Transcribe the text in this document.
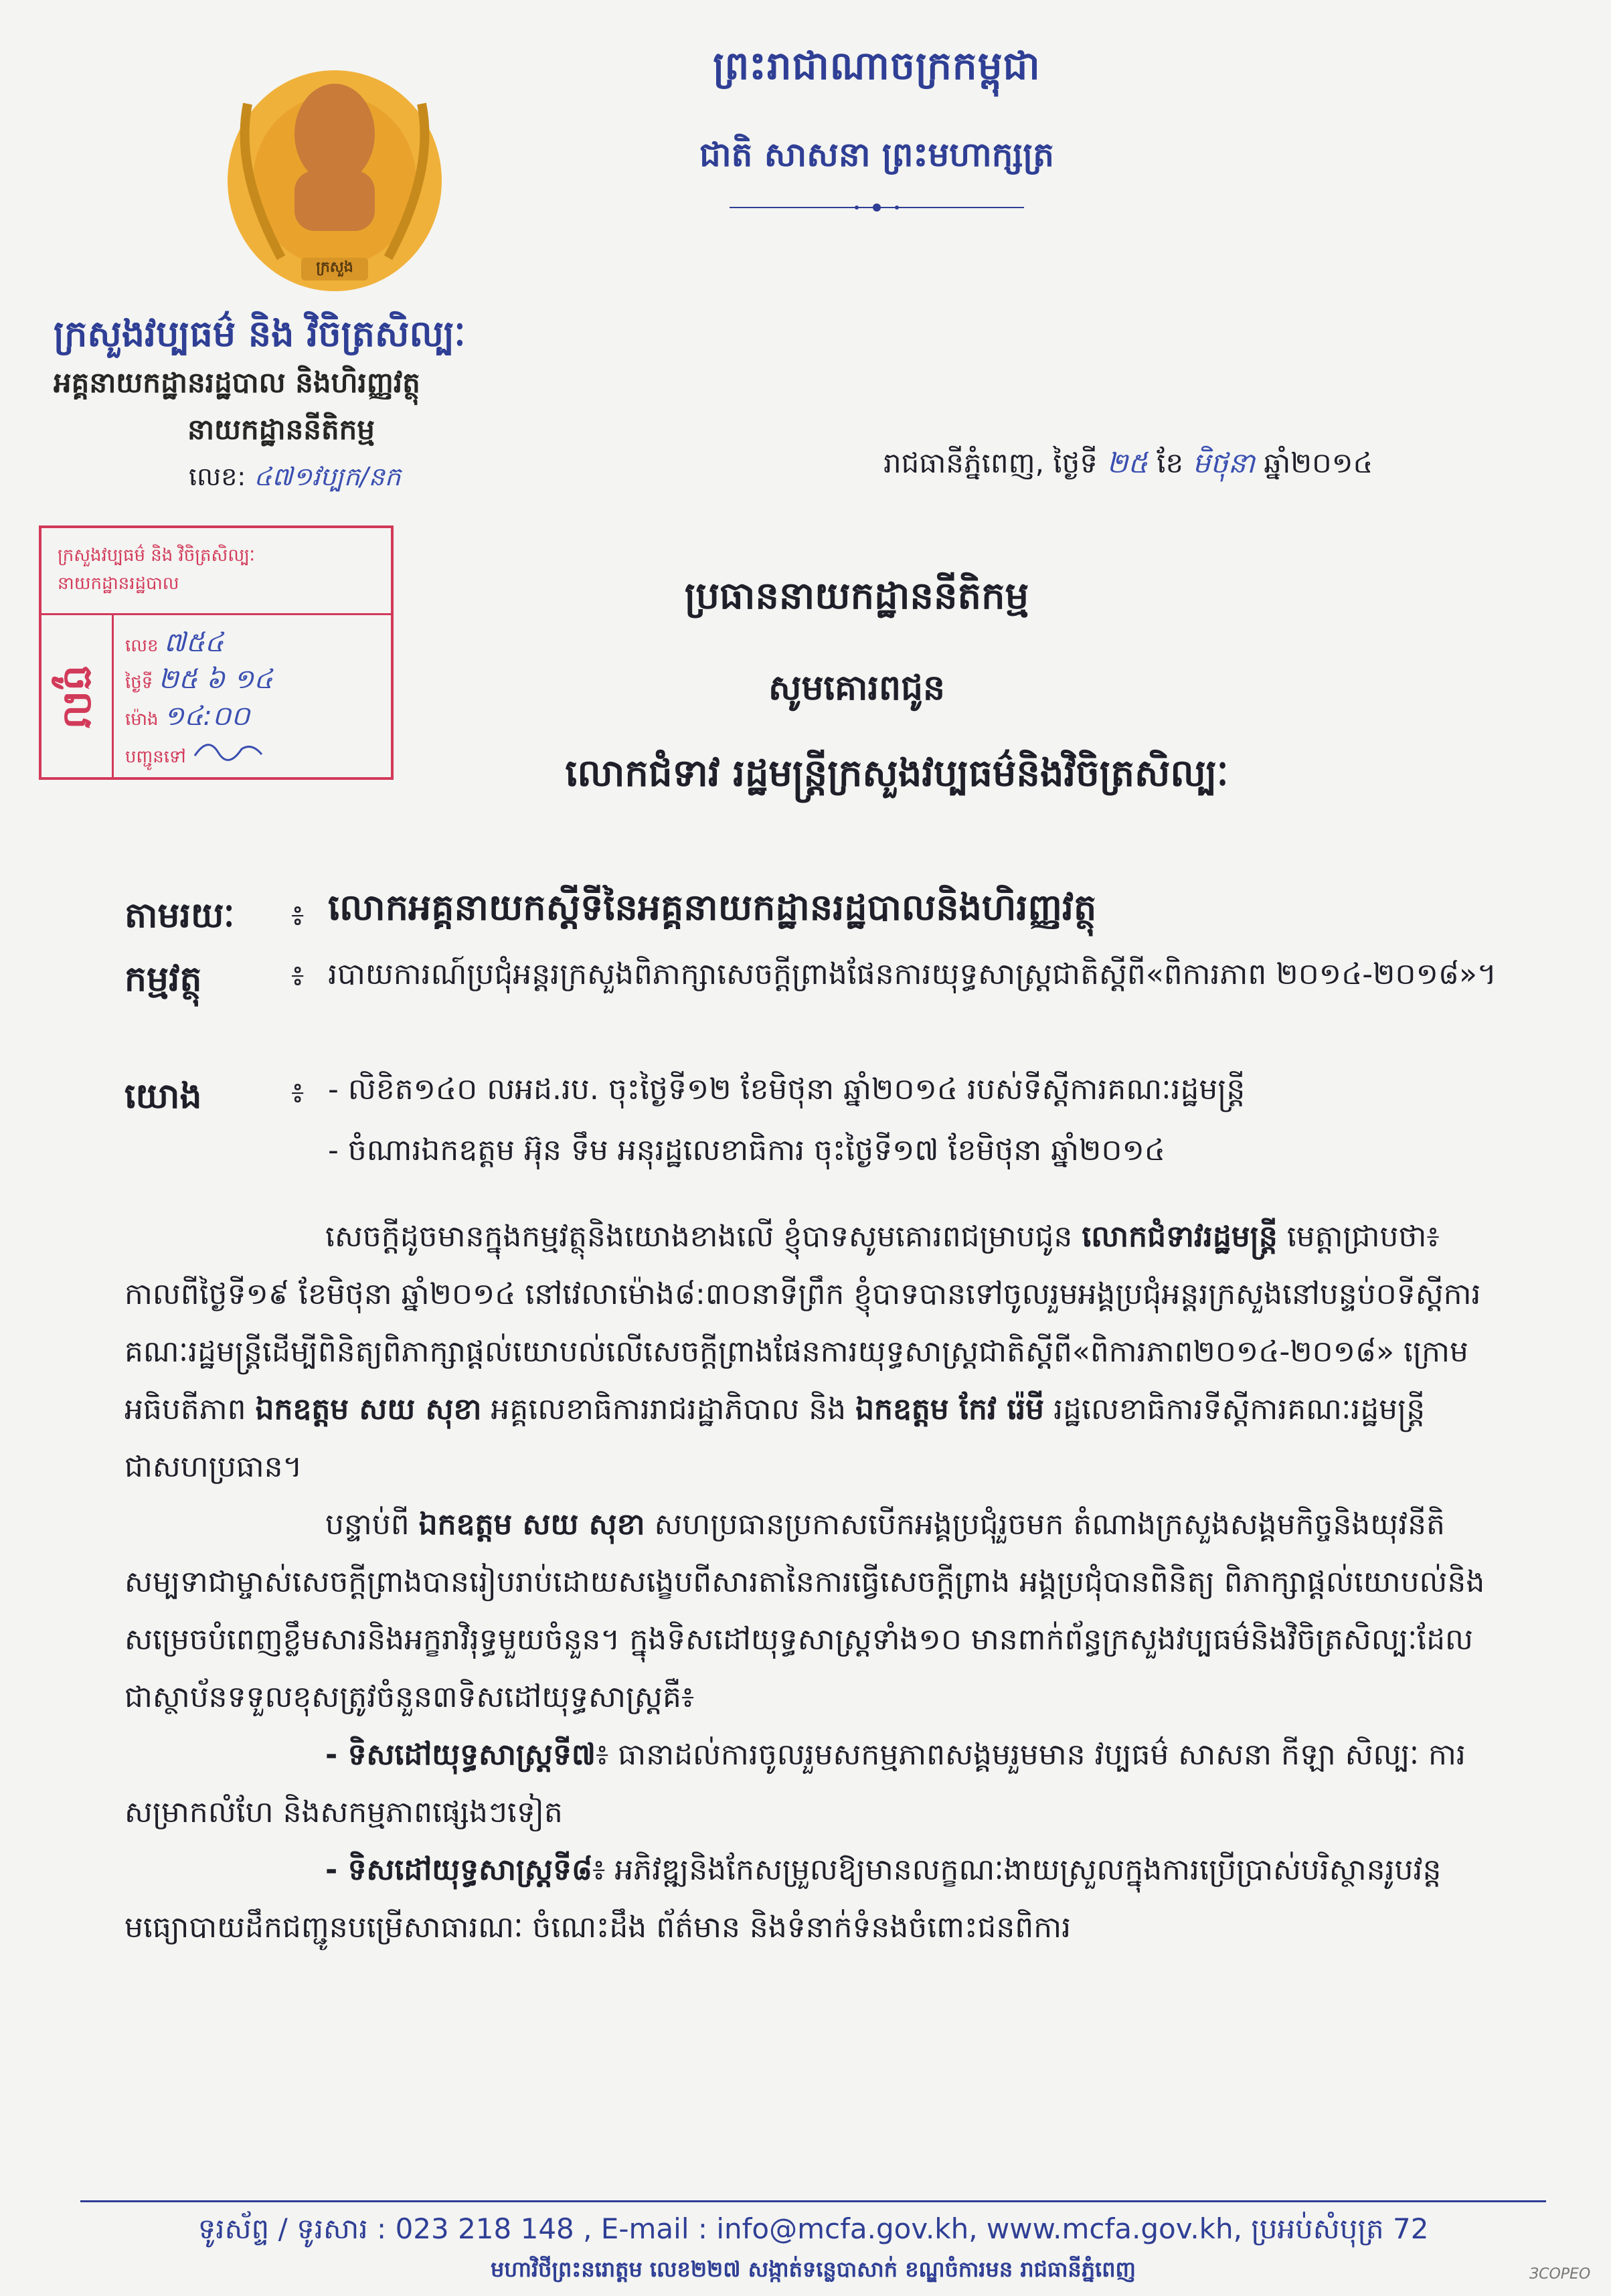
ក្រសួង
ព្រះរាជាណាចក្រកម្ពុជា
ជាតិ សាសនា ព្រះមហាក្សត្រ
ក្រសួងវប្បធម៌ និង វិចិត្រសិល្បៈ
អគ្គនាយកដ្ឋានរដ្ឋបាល និងហិរញ្ញវត្ថុ
នាយកដ្ឋាននីតិកម្ម
លេខ: ៤៧១វប្បក/នក	រាជធានីភ្នំពេញ, ថ្ងៃទី ២៥ ខែ មិថុនា ឆ្នាំ២០១៤
ក្រសួងវប្បធម៌ និង វិចិត្រសិល្បៈ
នាយកដ្ឋានរដ្ឋបាល
ចូល
លេខ ៧៥៤
ថ្ងៃទី ២៥ ៦ ១៤
ម៉ោង ១៤:០០
បញ្ជូនទៅ
ប្រធាននាយកដ្ឋាននីតិកម្ម
សូមគោរពជូន
លោកជំទាវ រដ្ឋមន្ត្រីក្រសួងវប្បធម៌និងវិចិត្រសិល្បៈ
តាមរយៈ ៖ លោកអគ្គនាយកស្តីទីនៃអគ្គនាយកដ្ឋានរដ្ឋបាលនិងហិរញ្ញវត្ថុ
កម្មវត្ថុ	៖ របាយការណ៍ប្រជុំអន្តរក្រសួងពិភាក្សាសេចក្តីព្រាងផែនការយុទ្ធសាស្ត្រជាតិស្តីពី«ពិការភាព ២០១៤-២០១៨»។
យោង	៖ - លិខិត១៤០ លអដ.រប. ចុះថ្ងៃទី១២ ខែមិថុនា ឆ្នាំ២០១៤ របស់ទីស្តីការគណៈរដ្ឋមន្ត្រី
- ចំណារឯកឧត្តម អ៊ុន ទឹម អនុរដ្ឋលេខាធិការ ចុះថ្ងៃទី១៧ ខែមិថុនា ឆ្នាំ២០១៤

សេចក្តីដូចមានក្នុងកម្មវត្ថុនិងយោងខាងលើ ខ្ញុំបាទសូមគោរពជម្រាបជូន លោកជំទាវរដ្ឋមន្ត្រី មេត្តាជ្រាបថា៖ កាលពីថ្ងៃទី១៩ ខែមិថុនា ឆ្នាំ២០១៤ នៅវេលាម៉ោង៨:៣០នាទីព្រឹក ខ្ញុំបាទបានទៅចូលរួមអង្គប្រជុំអន្តរក្រសួងនៅបន្ទប់០ទីស្តីការគណៈរដ្ឋមន្ត្រីដើម្បីពិនិត្យពិភាក្សាផ្តល់យោបល់លើសេចក្តីព្រាងផែនការយុទ្ធសាស្ត្រជាតិស្តីពី«ពិការភាព២០១៤-២០១៨» ក្រោមអធិបតីភាព ឯកឧត្តម សយ សុខា អគ្គលេខាធិការរាជរដ្ឋាភិបាល និង ឯកឧត្តម កែវ រ៉េមី រដ្ឋលេខាធិការទីស្តីការគណៈរដ្ឋមន្ត្រីជាសហប្រធាន។

បន្ទាប់ពី ឯកឧត្តម សយ សុខា សហប្រធានប្រកាសបើកអង្គប្រជុំរួចមក តំណាងក្រសួងសង្គមកិច្ចនិងយុវនីតិសម្បទាជាម្ចាស់សេចក្តីព្រាងបានរៀបរាប់ដោយសង្ខេបពីសារតានៃការធ្វើសេចក្តីព្រាង អង្គប្រជុំបានពិនិត្យ ពិភាក្សាផ្តល់យោបល់និងសម្រេចបំពេញខ្លឹមសារនិងអក្ខរាវិរុទ្ធមួយចំនួន។ ក្នុងទិសដៅយុទ្ធសាស្ត្រទាំង១០ មានពាក់ព័ន្ធក្រសួងវប្បធម៌និងវិចិត្រសិល្បៈដែលជាស្ថាប័នទទួលខុសត្រូវចំនួន៣ទិសដៅយុទ្ធសាស្ត្រគឺ៖

- ទិសដៅយុទ្ធសាស្ត្រទី៧៖ ធានាដល់ការចូលរួមសកម្មភាពសង្គមរួមមាន វប្បធម៌ សាសនា កីឡា សិល្បៈ ការសម្រាកលំហែ និងសកម្មភាពផ្សេងៗទៀត

- ទិសដៅយុទ្ធសាស្ត្រទី៨៖ អភិវឌ្ឍនិងកែសម្រួលឱ្យមានលក្ខណៈងាយស្រួលក្នុងការប្រើប្រាស់បរិស្ថានរូបវន្ត មធ្យោបាយដឹកជញ្ជូនបម្រើសាធារណៈ ចំណេះដឹង ព័ត៌មាន និងទំនាក់ទំនងចំពោះជនពិការ

ទូរស័ព្ទ / ទូរសារ : 023 218 148 , E-mail : info@mcfa.gov.kh, www.mcfa.gov.kh, ប្រអប់សំបុត្រ 72
មហាវិថីព្រះនរោត្តម លេខ២២៧ សង្កាត់ទន្លេបាសាក់ ខណ្ឌចំការមន រាជធានីភ្នំពេញ	ЗСОРЕО
